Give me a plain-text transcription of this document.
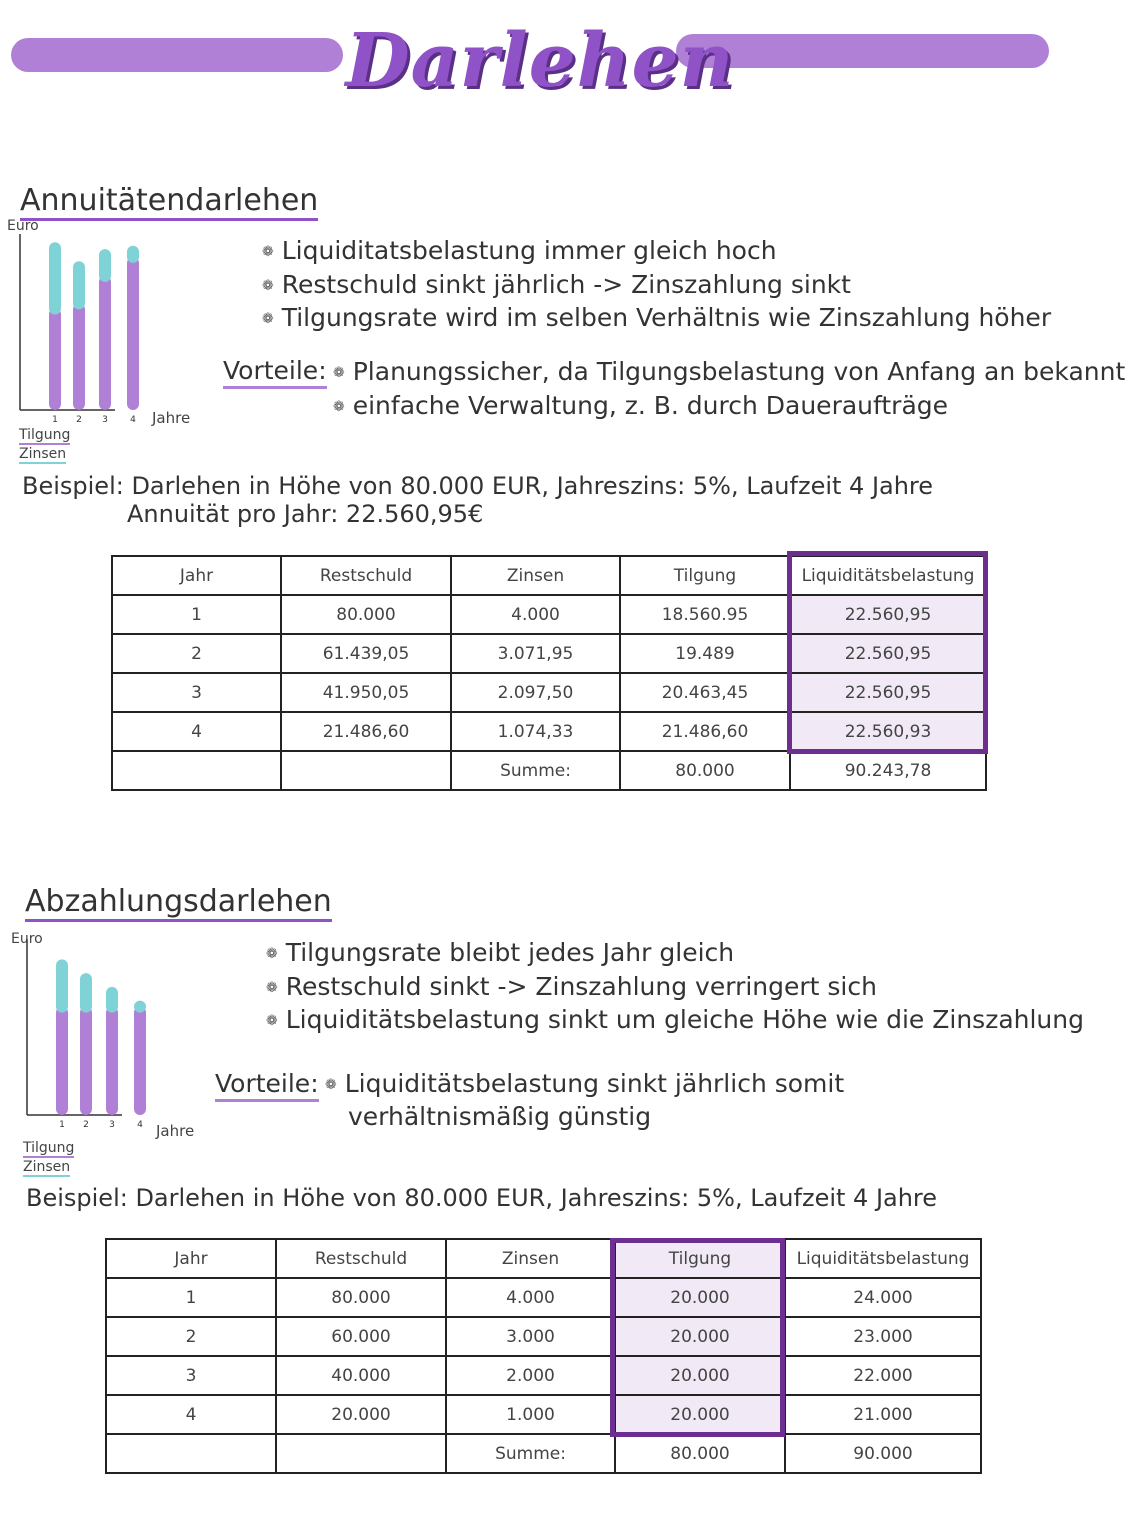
Darlehen
Annuitätendarlehen
Euro
1 2 3 4 Jahre
Tilgung
Zinsen
❁ Liquiditatsbelastung immer gleich hoch
❁ Restschuld sinkt jährlich -> Zinszahlung sinkt
❁ Tilgungsrate wird im selben Verhältnis wie Zinszahlung höher
Vorteile: ❁ Planungssicher, da Tilgungsbelastung von Anfang an bekannt
❁ einfache Verwaltung, z. B. durch Daueraufträge
Beispiel: Darlehen in Höhe von 80.000 EUR, Jahreszins: 5%, Laufzeit 4 Jahre
Annuität pro Jahr: 22.560,95€
Jahr	Restschuld	Zinsen	Tilgung	Liquiditätsbelastung
1	80.000	4.000	18.560.95	22.560,95
2	61.439,05	3.071,95	19.489	22.560,95
3	41.950,05	2.097,50	20.463,45	22.560,95
4	21.486,60	1.074,33	21.486,60	22.560,93
		Summe:	80.000	90.243,78
Abzahlungsdarlehen
Euro
1 2 3 4 Jahre
Tilgung
Zinsen
❁ Tilgungsrate bleibt jedes Jahr gleich
❁ Restschuld sinkt -> Zinszahlung verringert sich
❁ Liquiditätsbelastung sinkt um gleiche Höhe wie die Zinszahlung
Vorteile: ❁ Liquiditätsbelastung sinkt jährlich somit
verhältnismäßig günstig
Beispiel: Darlehen in Höhe von 80.000 EUR, Jahreszins: 5%, Laufzeit 4 Jahre
Jahr	Restschuld	Zinsen	Tilgung	Liquiditätsbelastung
1	80.000	4.000	20.000	24.000
2	60.000	3.000	20.000	23.000
3	40.000	2.000	20.000	22.000
4	20.000	1.000	20.000	21.000
		Summe:	80.000	90.000
